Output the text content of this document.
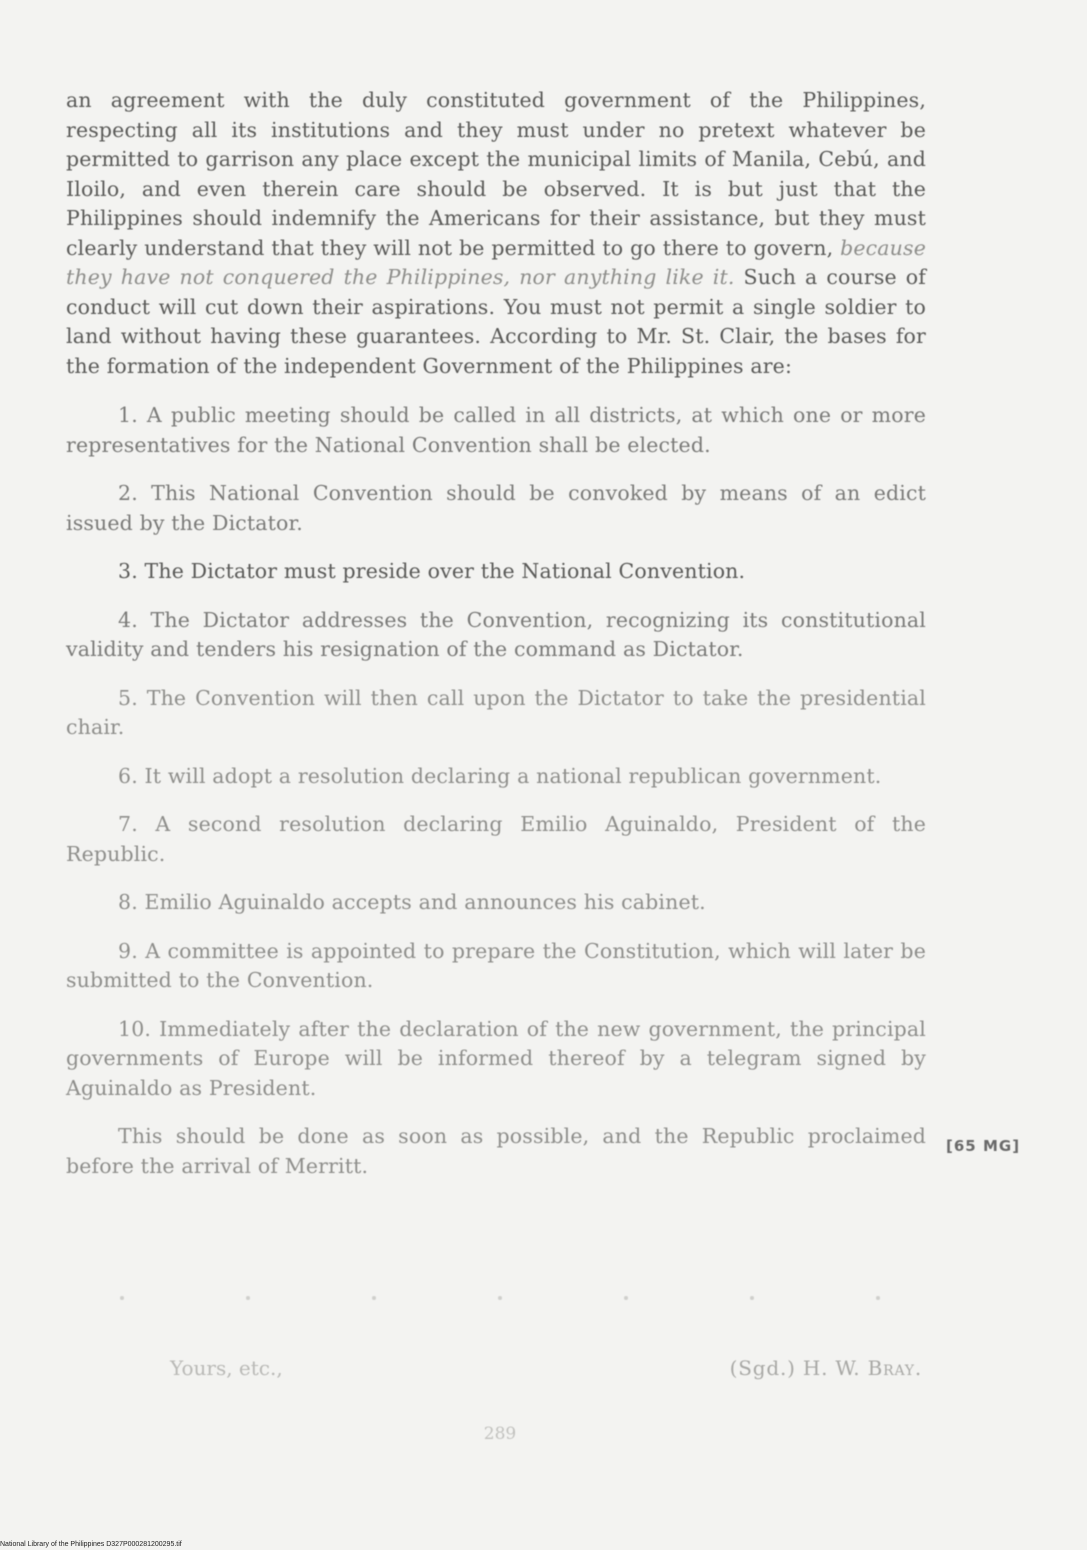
an agreement with the duly constituted government of the Philippines, respecting all its institutions and they must under no pretext whatever be permitted to garrison any place except the municipal limits of Manila, Cebú, and Iloilo, and even therein care should be observed. It is but just that the Philippines should indemnify the Americans for their assistance, but they must clearly understand that they will not be permitted to go there to govern, because they have not conquered the Philippines, nor anything like it. Such a course of conduct will cut down their aspirations. You must not permit a single soldier to land without having these guarantees. According to Mr. St. Clair, the bases for the formation of the independent Government of the Philippines are:

1. A public meeting should be called in all districts, at which one or more representatives for the National Convention shall be elected.

2. This National Convention should be convoked by means of an edict issued by the Dictator.

3. The Dictator must preside over the National Convention.

4. The Dictator addresses the Convention, recognizing its constitutional validity and tenders his resignation of the command as Dictator.

5. The Convention will then call upon the Dictator to take the presidential chair.

6. It will adopt a resolution declaring a national republican government.

7. A second resolution declaring Emilio Aguinaldo, President of the Republic.

8. Emilio Aguinaldo accepts and announces his cabinet.

9. A committee is appointed to prepare the Constitution, which will later be submitted to the Convention.

10. Immediately after the declaration of the new government, the principal governments of Europe will be informed thereof by a telegram signed by Aguinaldo as President.

This should be done as soon as possible, and the Republic proclaimed before the arrival of Merritt.

[65 MG]
Yours, etc.,	(Sgd.) H. W. Bray.
289
National Library of the Philippines D327P000281200295.tif
